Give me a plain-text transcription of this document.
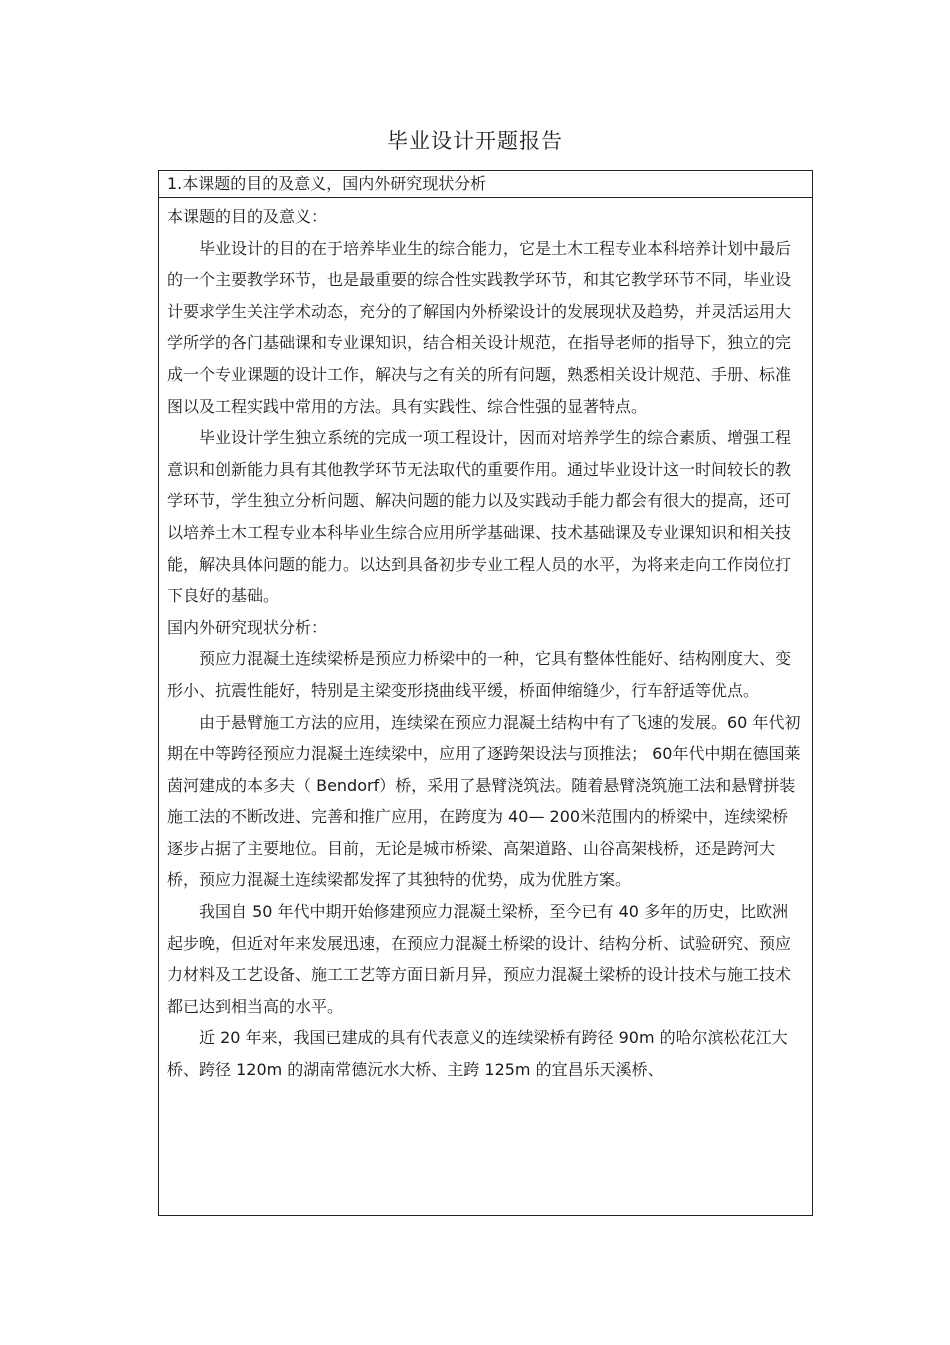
毕业设计开题报告
1.本课题的目的及意义，国内外研究现状分析

本课题的目的及意义：

毕业设计的目的在于培养毕业生的综合能力，它是土木工程专业本科培养计划中最后的一个主要教学环节，也是最重要的综合性实践教学环节，和其它教学环节不同，毕业设计要求学生关注学术动态，充分的了解国内外桥梁设计的发展现状及趋势，并灵活运用大学所学的各门基础课和专业课知识，结合相关设计规范，在指导老师的指导下，独立的完成一个专业课题的设计工作，解决与之有关的所有问题，熟悉相关设计规范、手册、标准图以及工程实践中常用的方法。具有实践性、综合性强的显著特点。

毕业设计学生独立系统的完成一项工程设计，因而对培养学生的综合素质、增强工程意识和创新能力具有其他教学环节无法取代的重要作用。通过毕业设计这一时间较长的教学环节，学生独立分析问题、解决问题的能力以及实践动手能力都会有很大的提高，还可以培养土木工程专业本科毕业生综合应用所学基础课、技术基础课及专业课知识和相关技能，解决具体问题的能力。以达到具备初步专业工程人员的水平，为将来走向工作岗位打下良好的基础。

国内外研究现状分析：

预应力混凝土连续梁桥是预应力桥梁中的一种，它具有整体性能好、结构刚度大、变形小、抗震性能好，特别是主梁变形挠曲线平缓，桥面伸缩缝少，行车舒适等优点。

由于悬臂施工方法的应用，连续梁在预应力混凝土结构中有了飞速的发展。60 年代初期在中等跨径预应力混凝土连续梁中，应用了逐跨架设法与顶推法； 60年代中期在德国莱茵河建成的本多夫（ Bendorf）桥，采用了悬臂浇筑法。随着悬臂浇筑施工法和悬臂拼装施工法的不断改进、完善和推广应用，在跨度为 40— 200米范围内的桥梁中，连续梁桥逐步占据了主要地位。目前，无论是城市桥梁、高架道路、山谷高架栈桥，还是跨河大桥，预应力混凝土连续梁都发挥了其独特的优势，成为优胜方案。

我国自 50 年代中期开始修建预应力混凝土梁桥，至今已有 40 多年的历史，比欧洲起步晚，但近对年来发展迅速，在预应力混凝土桥梁的设计、结构分析、试验研究、预应力材料及工艺设备、施工工艺等方面日新月异，预应力混凝土梁桥的设计技术与施工技术都已达到相当高的水平。

近 20 年来，我国已建成的具有代表意义的连续梁桥有跨径 90m 的哈尔滨松花江大桥、跨径 120m 的湖南常德沅水大桥、主跨 125m 的宜昌乐天溪桥、
